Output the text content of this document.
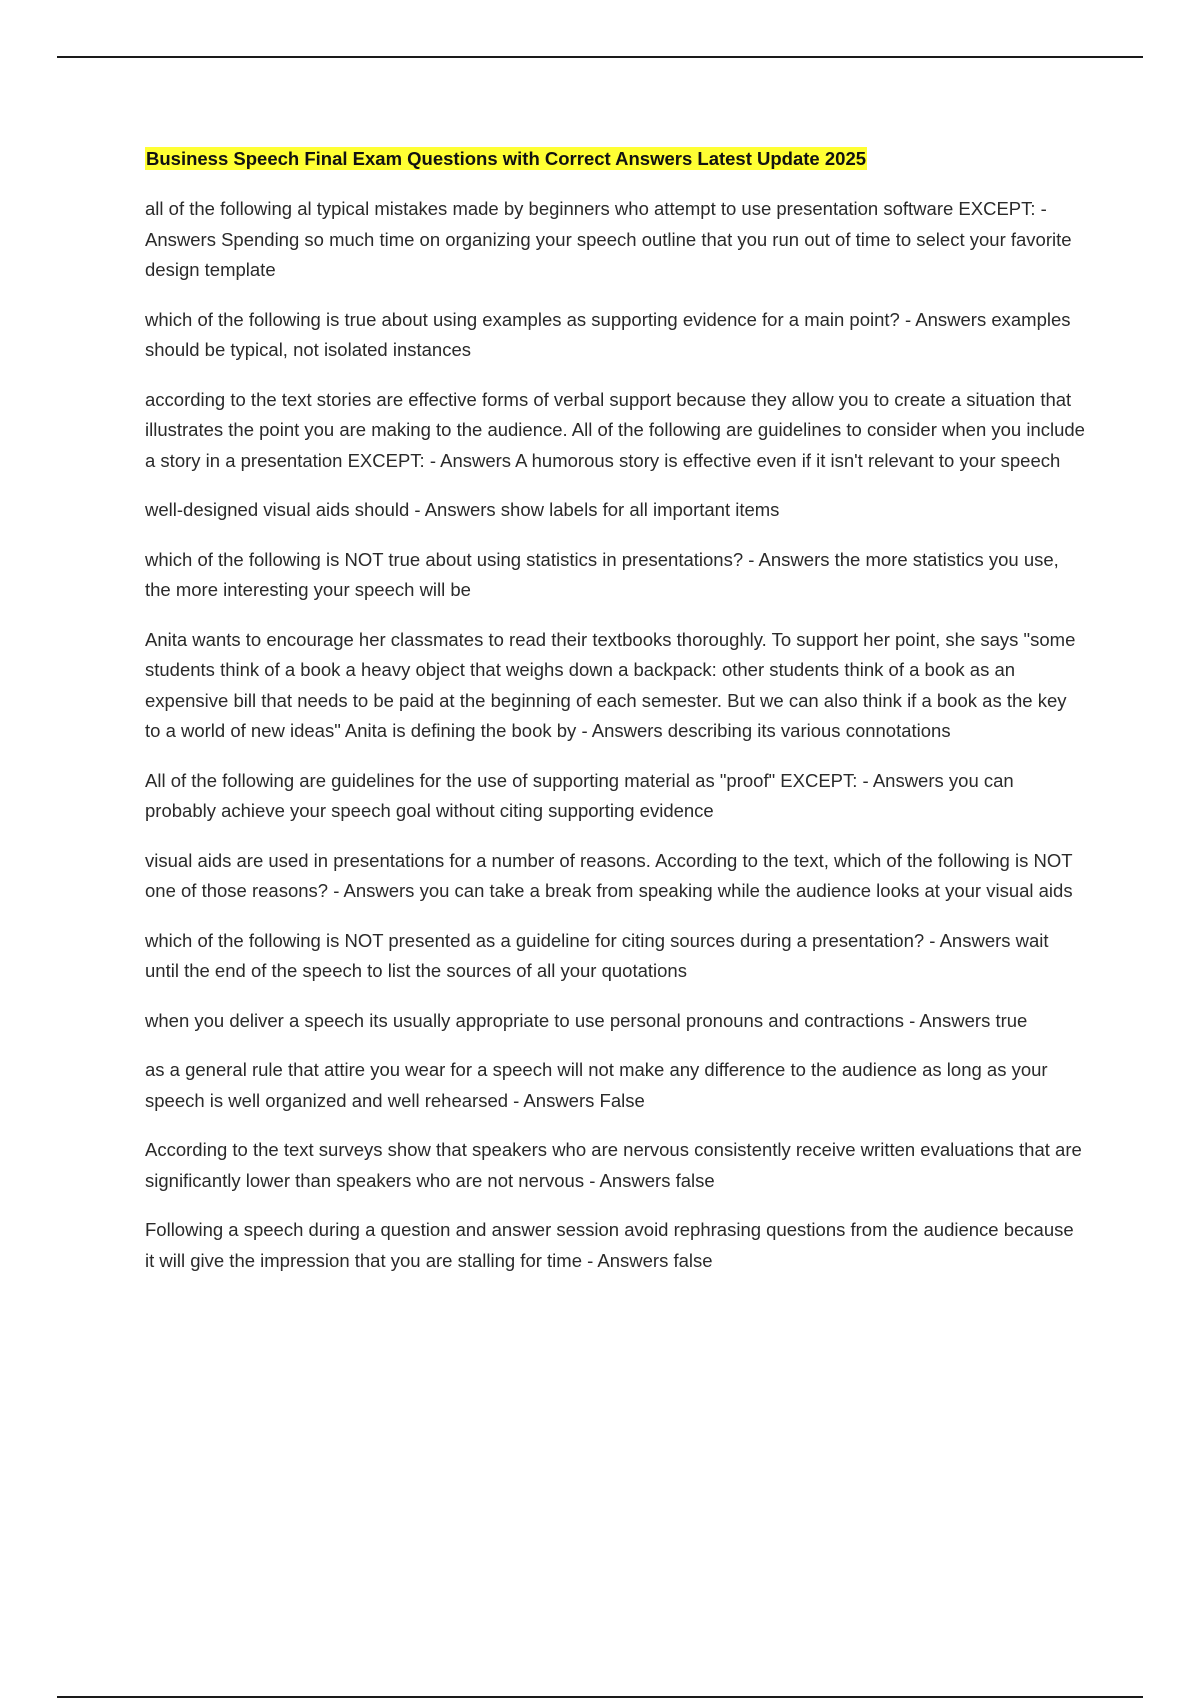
Business Speech Final Exam Questions with Correct Answers Latest Update 2025

all of the following al typical mistakes made by beginners who attempt to use presentation software EXCEPT: - Answers Spending so much time on organizing your speech outline that you run out of time to select your favorite design template

which of the following is true about using examples as supporting evidence for a main point? - Answers examples should be typical, not isolated instances

according to the text stories are effective forms of verbal support because they allow you to create a situation that illustrates the point you are making to the audience. All of the following are guidelines to consider when you include a story in a presentation EXCEPT: - Answers A humorous story is effective even if it isn't relevant to your speech

well-designed visual aids should - Answers show labels for all important items

which of the following is NOT true about using statistics in presentations? - Answers the more statistics you use, the more interesting your speech will be

Anita wants to encourage her classmates to read their textbooks thoroughly. To support her point, she says "some students think of a book a heavy object that weighs down a backpack: other students think of a book as an expensive bill that needs to be paid at the beginning of each semester. But we can also think if a book as the key to a world of new ideas" Anita is defining the book by - Answers describing its various connotations

All of the following are guidelines for the use of supporting material as "proof" EXCEPT: - Answers you can probably achieve your speech goal without citing supporting evidence

visual aids are used in presentations for a number of reasons. According to the text, which of the following is NOT one of those reasons? - Answers you can take a break from speaking while the audience looks at your visual aids

which of the following is NOT presented as a guideline for citing sources during a presentation? - Answers wait until the end of the speech to list the sources of all your quotations

when you deliver a speech its usually appropriate to use personal pronouns and contractions - Answers true

as a general rule that attire you wear for a speech will not make any difference to the audience as long as your speech is well organized and well rehearsed - Answers False

According to the text surveys show that speakers who are nervous consistently receive written evaluations that are significantly lower than speakers who are not nervous - Answers false

Following a speech during a question and answer session avoid rephrasing questions from the audience because it will give the impression that you are stalling for time - Answers false
